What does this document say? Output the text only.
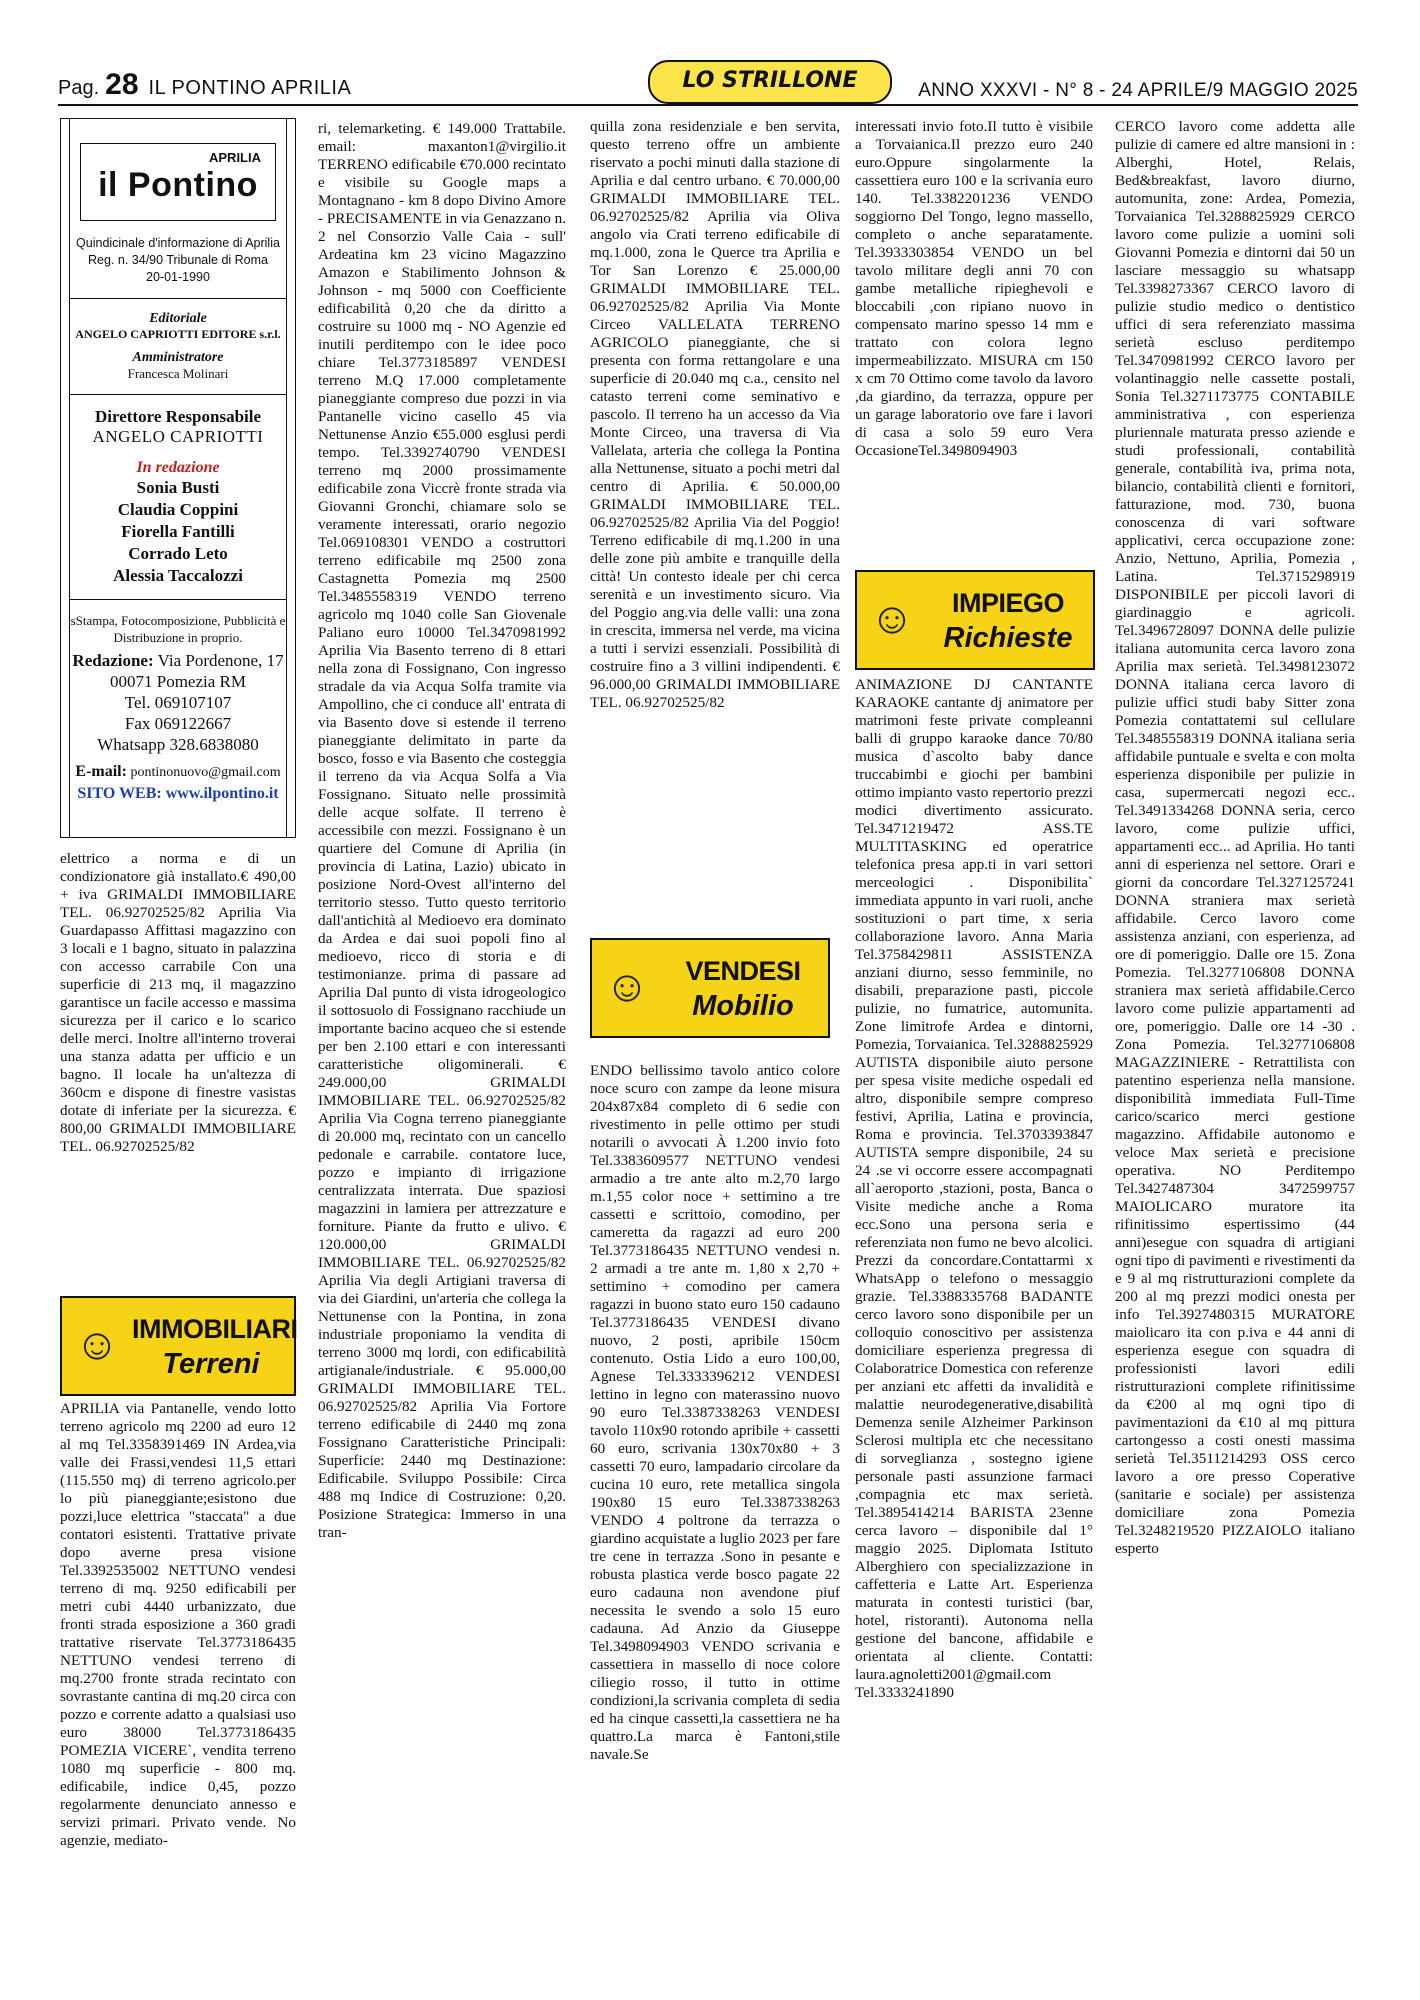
Pag. 28 IL PONTINO APRILIA	LO STRILLONE	ANNO XXXVI - N° 8 - 24 APRILE/9 MAGGIO 2025
APRILIA
il Pontino
Quindicinale d'informazione di Aprilia
Reg. n. 34/90 Tribunale di Roma
20-01-1990
Editoriale
ANGELO CAPRIOTTI EDITORE s.r.l.
Amministratore
Francesca Molinari
Direttore Responsabile
ANGELO CAPRIOTTI
In redazione
Sonia Busti
Claudia Coppini
Fiorella Fantilli
Corrado Leto
Alessia Taccalozzi
sStampa, Fotocomposizione, Pubblicità e Distribuzione in proprio.
Redazione: Via Pordenone, 17
00071 Pomezia RM
Tel. 069107107
Fax 069122667
Whatsapp 328.6838080
E-mail: pontinonuovo@gmail.com
SITO WEB: www.ilpontino.it

elettrico a norma e di un condizionatore già installato.€ 490,00 + iva GRIMALDI IMMOBILIARE TEL. 06.92702525/82 Aprilia Via Guardapasso Affittasi magazzino con 3 locali e 1 bagno, situato in palazzina con accesso carrabile Con una superficie di 213 mq, il magazzino garantisce un facile accesso e massima sicurezza per il carico e lo scarico delle merci. Inoltre all'interno troverai una stanza adatta per ufficio e un bagno. Il locale ha un'altezza di 360cm e dispone di finestre vasistas dotate di inferiate per la sicurezza. € 800,00 GRIMALDI IMMOBILIARE TEL. 06.92702525/82

☺ IMMOBILIARI
Terreni

APRILIA via Pantanelle, vendo lotto terreno agricolo mq 2200 ad euro 12 al mq Tel.3358391469 IN Ardea,via valle dei Frassi,vendesi 11,5 ettari (115.550 mq) di terreno agricolo.per lo più pianeggiante;esistono due pozzi,luce elettrica "staccata" a due contatori esistenti. Trattative private dopo averne presa visione Tel.3392535002 NETTUNO vendesi terreno di mq. 9250 edificabili per metri cubi 4440 urbanizzato, due fronti strada esposizione a 360 gradi trattative riservate Tel.3773186435 NETTUNO vendesi terreno di mq.2700 fronte strada recintato con sovrastante cantina di mq.20 circa con pozzo e corrente adatto a qualsiasi uso euro 38000 Tel.3773186435 POMEZIA VICERE`, vendita terreno 1080 mq superficie - 800 mq. edificabile, indice 0,45, pozzo regolarmente denunciato annesso e servizi primari. Privato vende. No agenzie, mediato-

ri, telemarketing. € 149.000 Trattabile. email: maxanton1@virgilio.it TERRENO edificabile €70.000 recintato e visibile su Google maps a Montagnano - km 8 dopo Divino Amore - PRECISAMENTE in via Genazzano n. 2 nel Consorzio Valle Caia - sull' Ardeatina km 23 vicino Magazzino Amazon e Stabilimento Johnson & Johnson - mq 5000 con Coefficiente edificabilità 0,20 che da diritto a costruire su 1000 mq - NO Agenzie ed inutili perditempo con le idee poco chiare Tel.3773185897 VENDESI terreno M.Q 17.000 completamente pianeggiante compreso due pozzi in via Pantanelle vicino casello 45 via Nettunense Anzio €55.000 esglusi perdi tempo. Tel.3392740790 VENDESI terreno mq 2000 prossimamente edificabile zona Viccrè fronte strada via Giovanni Gronchi, chiamare solo se veramente interessati, orario negozio Tel.069108301 VENDO a costruttori terreno edificabile mq 2500 zona Castagnetta Pomezia mq 2500 Tel.3485558319 VENDO terreno agricolo mq 1040 colle San Giovenale Paliano euro 10000 Tel.3470981992 Aprilia Via Basento terreno di 8 ettari nella zona di Fossignano, Con ingresso stradale da via Acqua Solfa tramite via Ampollino, che ci conduce all' entrata di via Basento dove si estende il terreno pianeggiante delimitato in parte da bosco, fosso e via Basento che costeggia il terreno da via Acqua Solfa a Via Fossignano. Situato nelle prossimità delle acque solfate. Il terreno è accessibile con mezzi. Fossignano è un quartiere del Comune di Aprilia (in provincia di Latina, Lazio) ubicato in posizione Nord-Ovest all'interno del territorio stesso. Tutto questo territorio dall'antichità al Medioevo era dominato da Ardea e dai suoi popoli fino al medioevo, ricco di storia e di testimonianze. prima di passare ad Aprilia Dal punto di vista idrogeologico il sottosuolo di Fossignano racchiude un importante bacino acqueo che si estende per ben 2.100 ettari e con interessanti caratteristiche oligominerali. € 249.000,00 GRIMALDI IMMOBILIARE TEL. 06.92702525/82 Aprilia Via Cogna terreno pianeggiante di 20.000 mq, recintato con un cancello pedonale e carrabile. contatore luce, pozzo e impianto di irrigazione centralizzata interrata. Due spaziosi magazzini in lamiera per attrezzature e forniture. Piante da frutto e ulivo. € 120.000,00 GRIMALDI IMMOBILIARE TEL. 06.92702525/82 Aprilia Via degli Artigiani traversa di via dei Giardini, un'arteria che collega la Nettunense con la Pontina, in zona industriale proponiamo la vendita di terreno 3000 mq lordi, con edificabilità artigianale/industriale. € 95.000,00 GRIMALDI IMMOBILIARE TEL. 06.92702525/82 Aprilia Via Fortore terreno edificabile di 2440 mq zona Fossignano Caratteristiche Principali: Superficie: 2440 mq Destinazione: Edificabile. Sviluppo Possibile: Circa 488 mq Indice di Costruzione: 0,20. Posizione Strategica: Immerso in una tran-

quilla zona residenziale e ben servita, questo terreno offre un ambiente riservato a pochi minuti dalla stazione di Aprilia e dal centro urbano. € 70.000,00 GRIMALDI IMMOBILIARE TEL. 06.92702525/82 Aprilia via Oliva angolo via Crati terreno edificabile di mq.1.000, zona le Querce tra Aprilia e Tor San Lorenzo € 25.000,00 GRIMALDI IMMOBILIARE TEL. 06.92702525/82 Aprilia Via Monte Circeo VALLELATA TERRENO AGRICOLO pianeggiante, che si presenta con forma rettangolare e una superficie di 20.040 mq c.a., censito nel catasto terreni come seminativo e pascolo. Il terreno ha un accesso da Via Monte Circeo, una traversa di Via Vallelata, arteria che collega la Pontina alla Nettunense, situato a pochi metri dal centro di Aprilia. € 50.000,00 GRIMALDI IMMOBILIARE TEL. 06.92702525/82 Aprilia Via del Poggio! Terreno edificabile di mq.1.200 in una delle zone più ambite e tranquille della città! Un contesto ideale per chi cerca serenità e un investimento sicuro. Via del Poggio ang.via delle valli: una zona in crescita, immersa nel verde, ma vicina a tutti i servizi essenziali. Possibilità di costruire fino a 3 villini indipendenti. € 96.000,00 GRIMALDI IMMOBILIARE TEL. 06.92702525/82

☺	VENDESI
Mobilio

ENDO bellissimo tavolo antico colore noce scuro con zampe da leone misura 204x87x84 completo di 6 sedie con rivestimento in pelle ottimo per studi notarili o avvocati À 1.200 invio foto Tel.3383609577 NETTUNO vendesi armadio a tre ante alto m.2,70 largo m.1,55 color noce + settimino a tre cassetti e scrittoio, comodino, per cameretta da ragazzi ad euro 200 Tel.3773186435 NETTUNO vendesi n. 2 armadi a tre ante m. 1,80 x 2,70 + settimino + comodino per camera ragazzi in buono stato euro 150 cadauno Tel.3773186435 VENDESI divano nuovo, 2 posti, apribile 150cm contenuto. Ostia Lido a euro 100,00, Agnese Tel.3333396212 VENDESI lettino in legno con materassino nuovo 90 euro Tel.3387338263 VENDESI tavolo 110x90 rotondo apribile + cassetti 60 euro, scrivania 130x70x80 + 3 cassetti 70 euro, lampadario circolare da cucina 10 euro, rete metallica singola 190x80 15 euro Tel.3387338263 VENDO 4 poltrone da terrazza o giardino acquistate a luglio 2023 per fare tre cene in terrazza .Sono in pesante e robusta plastica verde bosco pagate 22 euro cadauna non avendone piuf necessita le svendo a solo 15 euro cadauna. Ad Anzio da Giuseppe Tel.3498094903 VENDO scrivania e cassettiera in massello di noce colore ciliegio rosso, il tutto in ottime condizioni,la scrivania completa di sedia ed ha cinque cassetti,la cassettiera ne ha quattro.La marca è Fantoni,stile navale.Se

interessati invio foto.Il tutto è visibile a Torvaianica.Il prezzo euro 240 euro.Oppure singolarmente la cassettiera euro 100 e la scrivania euro 140. Tel.3382201236 VENDO soggiorno Del Tongo, legno massello, completo o anche separatamente. Tel.3933303854 VENDO un bel tavolo militare degli anni 70 con gambe metalliche ripieghevoli e bloccabili ,con ripiano nuovo in compensato marino spesso 14 mm e trattato con colora legno impermeabilizzato. MISURA cm 150 x cm 70 Ottimo come tavolo da lavoro ,da giardino, da terrazza, oppure per un garage laboratorio ove fare i lavori di casa a solo 59 euro Vera OccasioneTel.3498094903

☺	IMPIEGO
Richieste

ANIMAZIONE DJ CANTANTE KARAOKE cantante dj animatore per matrimoni feste private compleanni balli di gruppo karaoke dance 70/80 musica d`ascolto baby dance truccabimbi e giochi per bambini ottimo impianto vasto repertorio prezzi modici divertimento assicurato. Tel.3471219472 ASS.TE MULTITASKING ed operatrice telefonica presa app.ti in vari settori merceologici . Disponibilita` immediata appunto in vari ruoli, anche sostituzioni o part time, x seria collaborazione lavoro. Anna Maria Tel.3758429811 ASSISTENZA anziani diurno, sesso femminile, no disabili, preparazione pasti, piccole pulizie, no fumatrice, automunita. Zone limitrofe Ardea e dintorni, Pomezia, Torvaianica. Tel.3288825929 AUTISTA disponibile aiuto persone per spesa visite mediche ospedali ed altro, disponibile sempre compreso festivi, Aprilia, Latina e provincia, Roma e provincia. Tel.3703393847 AUTISTA sempre disponibile, 24 su 24 .se vi occorre essere accompagnati all`aeroporto ,stazioni, posta, Banca o Visite mediche anche a Roma ecc.Sono una persona seria e referenziata non fumo ne bevo alcolici. Prezzi da concordare.Contattarmi x WhatsApp o telefono o messaggio grazie. Tel.3388335768 BADANTE cerco lavoro sono disponibile per un colloquio conoscitivo per assistenza domiciliare esperienza pregressa di Colaboratrice Domestica con referenze per anziani etc affetti da invalidità e malattie neurodegenerative,disabilità Demenza senile Alzheimer Parkinson Sclerosi multipla etc che necessitano di sorveglianza , sostegno igiene personale pasti assunzione farmaci ,compagnia etc max serietà. Tel.3895414214 BARISTA 23enne cerca lavoro – disponibile dal 1° maggio 2025. Diplomata Istituto Alberghiero con specializzazione in caffetteria e Latte Art. Esperienza maturata in contesti turistici (bar, hotel, ristoranti). Autonoma nella gestione del bancone, affidabile e orientata al cliente. Contatti: laura.agnoletti2001@gmail.com Tel.3333241890

CERCO lavoro come addetta alle pulizie di camere ed altre mansioni in : Alberghi, Hotel, Relais, Bed&breakfast, lavoro diurno, automunita, zone: Ardea, Pomezia, Torvaianica Tel.3288825929 CERCO lavoro come pulizie a uomini soli Giovanni Pomezia e dintorni dai 50 un lasciare messaggio su whatsapp Tel.3398273367 CERCO lavoro di pulizie studio medico o dentistico uffici di sera referenziato massima serietà escluso perditempo Tel.3470981992 CERCO lavoro per volantinaggio nelle cassette postali, Sonia Tel.3271173775 CONTABILE amministrativa , con esperienza pluriennale maturata presso aziende e studi professionali, contabilità generale, contabilità iva, prima nota, bilancio, contabilità clienti e fornitori, fatturazione, mod. 730, buona conoscenza di vari software applicativi, cerca occupazione zone: Anzio, Nettuno, Aprilia, Pomezia , Latina. Tel.3715298919 DISPONIBILE per piccoli lavori di giardinaggio e agricoli. Tel.3496728097 DONNA delle pulizie italiana automunita cerca lavoro zona Aprilia max serietà. Tel.3498123072 DONNA italiana cerca lavoro di pulizie uffici studi baby Sitter zona Pomezia contattatemi sul cellulare Tel.3485558319 DONNA italiana seria affidabile puntuale e svelta e con molta esperienza disponibile per pulizie in casa, supermercati negozi ecc.. Tel.3491334268 DONNA seria, cerco lavoro, come pulizie uffici, appartamenti ecc... ad Aprilia. Ho tanti anni di esperienza nel settore. Orari e giorni da concordare Tel.3271257241 DONNA straniera max serietà affidabile. Cerco lavoro come assistenza anziani, con esperienza, ad ore di pomeriggio. Dalle ore 15. Zona Pomezia. Tel.3277106808 DONNA straniera max serietà affidabile.Cerco lavoro come pulizie appartamenti ad ore, pomeriggio. Dalle ore 14 -30 . Zona Pomezia. Tel.3277106808 MAGAZZINIERE - Retrattilista con patentino esperienza nella mansione. disponibilità immediata Full-Time carico/scarico merci gestione magazzino. Affidabile autonomo e veloce Max serietà e precisione operativa. NO Perditempo Tel.3427487304 3472599757 MAIOLICARO muratore ita rifinitissimo espertissimo (44 anni)esegue con squadra di artigiani ogni tipo di pavimenti e rivestimenti da e 9 al mq ristrutturazioni complete da 200 al mq prezzi modici onesta per info Tel.3927480315 MURATORE maiolicaro ita con p.iva e 44 anni di esperienza esegue con squadra di professionisti lavori edili ristrutturazioni complete rifinitissime da €200 al mq ogni tipo di pavimentazioni da €10 al mq pittura cartongesso a costi onesti massima serietà Tel.3511214293 OSS cerco lavoro a ore presso Coperative (sanitarie e sociale) per assistenza domiciliare zona Pomezia Tel.3248219520 PIZZAIOLO italiano esperto
